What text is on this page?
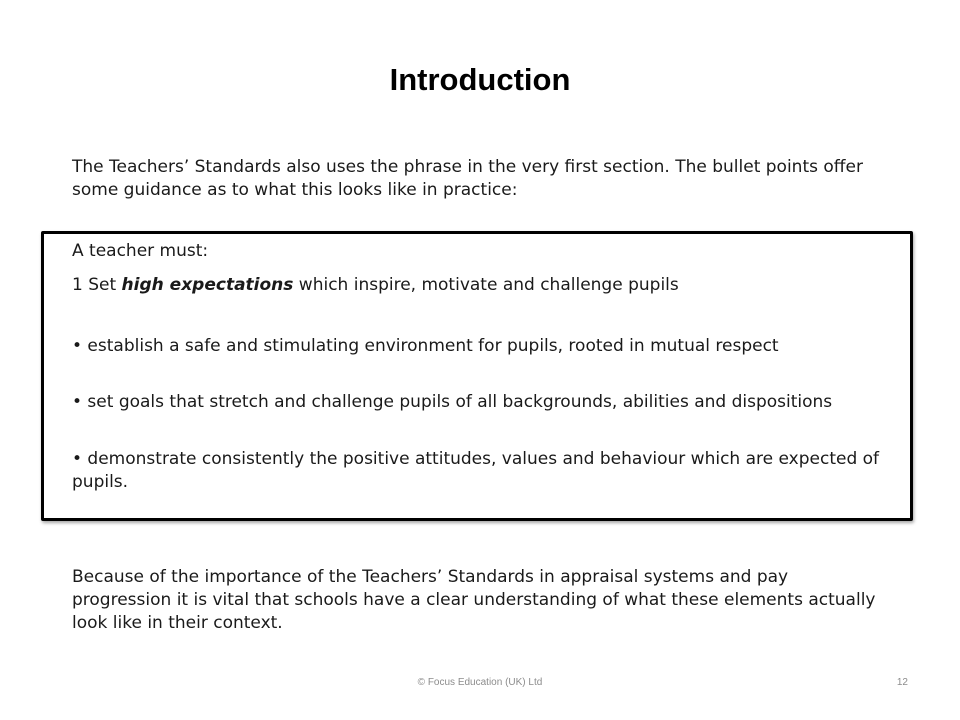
Introduction

The Teachers’ Standards also uses the phrase in the very first section. The bullet points offer some guidance as to what this looks like in practice:

A teacher must:

1 Set high expectations which inspire, motivate and challenge pupils

• establish a safe and stimulating environment for pupils, rooted in mutual respect

• set goals that stretch and challenge pupils of all backgrounds, abilities and dispositions

• demonstrate consistently the positive attitudes, values and behaviour which are expected of pupils.

Because of the importance of the Teachers’ Standards in appraisal systems and pay progression it is vital that schools have a clear understanding of what these elements actually look like in their context.

© Focus Education (UK) Ltd	12
